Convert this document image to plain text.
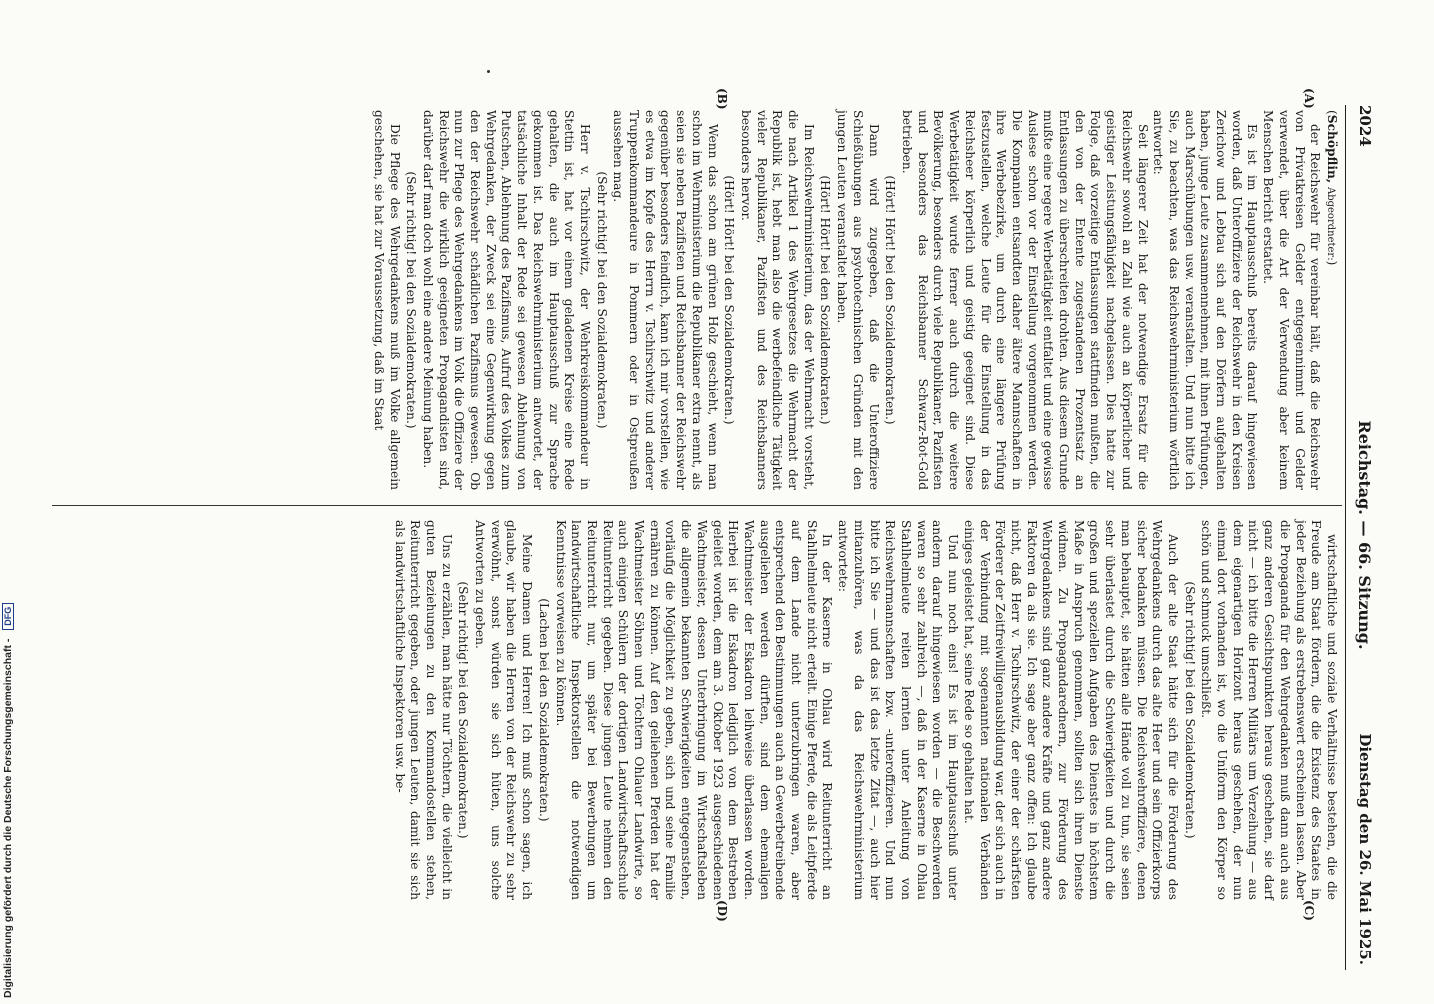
2024
Reichstag. — 66. Sitzung.
Dienstag den 26. Mai 1925.
(A)
(B)
(C)
(D)

(Schöpflin, Abgeordneter:)

der Reichswehr für vereinbar hält, daß die Reichswehr von Privatkreisen Gelder entgegennimmt und Gelder verwendet, über die Art der Verwendung aber keinem Menschen Bericht erstattet.

Es ist im Hauptausschuß bereits darauf hingewiesen worden, daß Unteroffiziere der Reichswehr in den Kreisen Zerichow und Lebtau sich auf den Dörfern aufgehalten haben, junge Leute zusammennehmen, mit ihnen Prüfungen, auch Marschübungen usw. veranstalten. Und nun bitte ich Sie, zu beachten, was das Reichswehrministerium wörtlich antwortet:

Seit längerer Zeit hat der notwendige Ersatz für die Reichswehr sowohl an Zahl wie auch an körperlicher und geistiger Leistungsfähigkeit nachgelassen. Dies hatte zur Folge, daß vorzeitige Entlassungen stattfinden mußten, die den von der Entente zugestandenen Prozentsatz an Entlassungen zu überschreiten drohten. Aus diesem Grunde mußte eine regere Werbetätigkeit entfaltet und eine gewisse Auslese schon vor der Einstellung vorgenommen werden. Die Kompanien entsandten daher ältere Mannschaften in ihre Werbebezirke, um durch eine längere Prüfung festzustellen, welche Leute für die Einstellung in das Reichsheer körperlich und geistig geeignet sind. Diese Werbetätigkeit wurde ferner auch durch die weitere Bevölkerung, besonders durch viele Republikaner, Pazifisten und besonders das Reichsbanner Schwarz-Rot-Gold betrieben.

(Hört! Hört! bei den Sozialdemokraten.)

Dann wird zugegeben, daß die Unteroffiziere Schießübungen aus psychotechnischen Gründen mit den jungen Leuten veranstaltet haben.

(Hört! Hört! bei den Sozialdemokraten.)

Im Reichswehrministerium, das der Wehrmacht vorsteht, die nach Artikel 1 des Wehrgesetzes die Wehrmacht der Republik ist, hebt man also die werbefeindliche Tätigkeit vieler Republikaner, Pazifisten und des Reichsbanners besonders hervor.

(Hört! Hört! bei den Sozialdemokraten.)

Wenn das schon am grünen Holz geschieht, wenn man schon im Wehrministerium die Republikaner extra nennt, als seien sie neben Pazifisten und Reichsbanner der Reichswehr gegenüber besonders feindlich, kann ich mir vorstellen, wie es etwa im Kopfe des Herrn v. Tschirschwitz und anderer Truppenkommandeure in Pommern oder in Ostpreußen aussehen mag.

(Sehr richtig! bei den Sozialdemokraten.)

Herr v. Tschirschwitz, der Wehrkreiskommandeur in Stettin ist, hat vor einem geladenen Kreise eine Rede gehalten, die auch im Hauptausschuß zur Sprache gekommen ist. Das Reichswehrministerium antwortet, der tatsächliche Inhalt der Rede sei gewesen Ablehnung von Putschen, Ablehnung des Pazifismus, Aufruf des Volkes zum Wehrgedanken, der Zweck sei eine Gegenwirkung gegen den der Reichswehr schädlichen Pazifismus gewesen. Ob nun zur Pflege des Wehrgedankens im Volk die Offiziere der Reichswehr die wirklich geeigneten Propagandisten sind, darüber darf man doch wohl eine andere Meinung haben.

(Sehr richtig! bei den Sozialdemokraten.)

Die Pflege des Wehrgedankens muß im Volke allgemein geschehen, sie hat zur Voraussetzung, daß im Staat

wirtschaftliche und soziale Verhältnisse bestehen, die die Freude am Staat fördern, die die Existenz des Staates in jeder Beziehung als erstrebenswert erscheinen lassen. Aber die Propaganda für den Wehrgedanken muß dann auch aus ganz anderen Gesichtspunkten heraus geschehen, sie darf nicht — ich bitte die Herren Militärs um Verzeihung — aus dem eigenartigen Horizont heraus geschehen, der nun einmal dort vorhanden ist, wo die Uniform den Körper so schön und schmuck umschließt.

(Sehr richtig! bei den Sozialdemokraten.)

Auch der alte Staat hätte sich für die Förderung des Wehrgedankens durch das alte Heer und sein Offizierkorps sicher bedanken müssen. Die Reichswehroffiziere, denen man behauptet, sie hätten alle Hände voll zu tun, sie seien sehr überlastet durch die Schwierigkeiten und durch die großen und speziellen Aufgaben des Dienstes in höchstem Maße in Anspruch genommen, sollten sich ihren Dienste widmen. Zu Propagandarednern, zur Förderung des Wehrgedankens sind ganz andere Kräfte und ganz andere Faktoren da als sie. Ich sage aber ganz offen: Ich glaube nicht, daß Herr v. Tschirschwitz, der einer der schärfsten Förderer der Zeitfreiwilligenausbildung war, der sich auch in der Verbindung mit sogenannten nationalen Verbänden einiges geleistet hat, seine Rede so gehalten hat.

Und nun noch eins! Es ist im Hauptausschuß unter anderm darauf hingewiesen worden — die Beschwerden waren so sehr zahlreich —, daß in der Kaserne in Ohlau Stahlhelmleute reiten lernten unter Anleitung von Reichswehrmannschaften bzw. -unteroffizieren. Und nun bitte ich Sie — und das ist das letzte Zitat —, auch hier mitanzuhören, was da das Reichswehrministerium antwortete:

In der Kaserne in Ohlau wird Reitunterricht an Stahlhelmleute nicht erteilt. Einige Pferde, die als Leitpferde auf dem Lande nicht unterzubringen waren, aber entsprechend den Bestimmungen auch an Gewerbetreibende ausgeliehen werden dürften, sind dem ehemaligen Wachtmeister der Eskadron leihweise überlassen worden. Hierbei ist die Eskadron lediglich von dem Bestreben geleitet worden, dem am 3. Oktober 1923 ausgeschiedenen Wachtmeister, dessen Unterbringung im Wirtschaftsleben die allgemein bekannten Schwierigkeiten entgegenstehen, vorläufig die Möglichkeit zu geben, sich und seine Familie ernähren zu können. Auf den geliehenen Pferden hat der Wachtmeister Söhnen und Töchtern Ohlauer Landwirte, so auch einigen Schülern der dortigen Landwirtschaftsschule Reitunterricht gegeben. Diese jungen Leute nehmen den Reitunterricht nur, um später bei Bewerbungen um landwirtschaftliche Inspektorstellen die notwendigen Kenntnisse vorweisen zu können.

(Lachen bei den Sozialdemokraten.)

Meine Damen und Herren! Ich muß schon sagen, ich glaube, wir haben die Herren von der Reichswehr zu sehr verwöhnt, sonst würden sie sich hüten, uns solche Antworten zu geben.

(Sehr richtig! bei den Sozialdemokraten.)

Uns zu erzählen, man hätte nur Töchtern, die vielleicht in guten Beziehungen zu den Kommandostellen stehen, Reitunterricht gegeben, oder jungen Leuten, damit sie sich als landwirtschaftliche Inspektoren usw. be-

Digitalisierung gefördert durch die Deutsche Forschungsgemeinschaft - DFG
